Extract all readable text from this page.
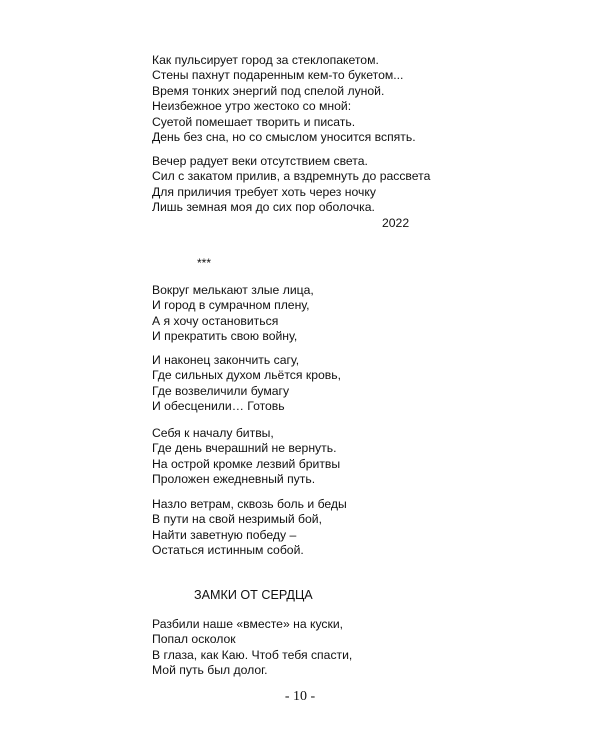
Как пульсирует город за стеклопакетом.
Стены пахнут подаренным кем-то букетом...
Время тонких энергий под спелой луной.
Неизбежное утро жестоко со мной:
Суетой помешает творить и писать.
День без сна, но со смыслом уносится вспять.
Вечер радует веки отсутствием света.
Сил с закатом прилив, а вздремнуть до рассвета
Для приличия требует хоть через ночку
Лишь земная моя до сих пор оболочка.
2022
***
Вокруг мелькают злые лица,
И город в сумрачном плену,
А я хочу остановиться
И прекратить свою войну,
И наконец закончить сагу,
Где сильных духом льётся кровь,
Где возвеличили бумагу
И обесценили… Готовь
Себя к началу битвы,
Где день вчерашний не вернуть.
На острой кромке лезвий бритвы
Проложен ежедневный путь.
Назло ветрам, сквозь боль и беды
В пути на свой незримый бой,
Найти заветную победу –
Остаться истинным собой.
ЗАМКИ ОТ СЕРДЦА
Разбили наше «вместе» на куски,
Попал осколок
В глаза, как Каю. Чтоб тебя спасти,
Мой путь был долог.
- 10 -
